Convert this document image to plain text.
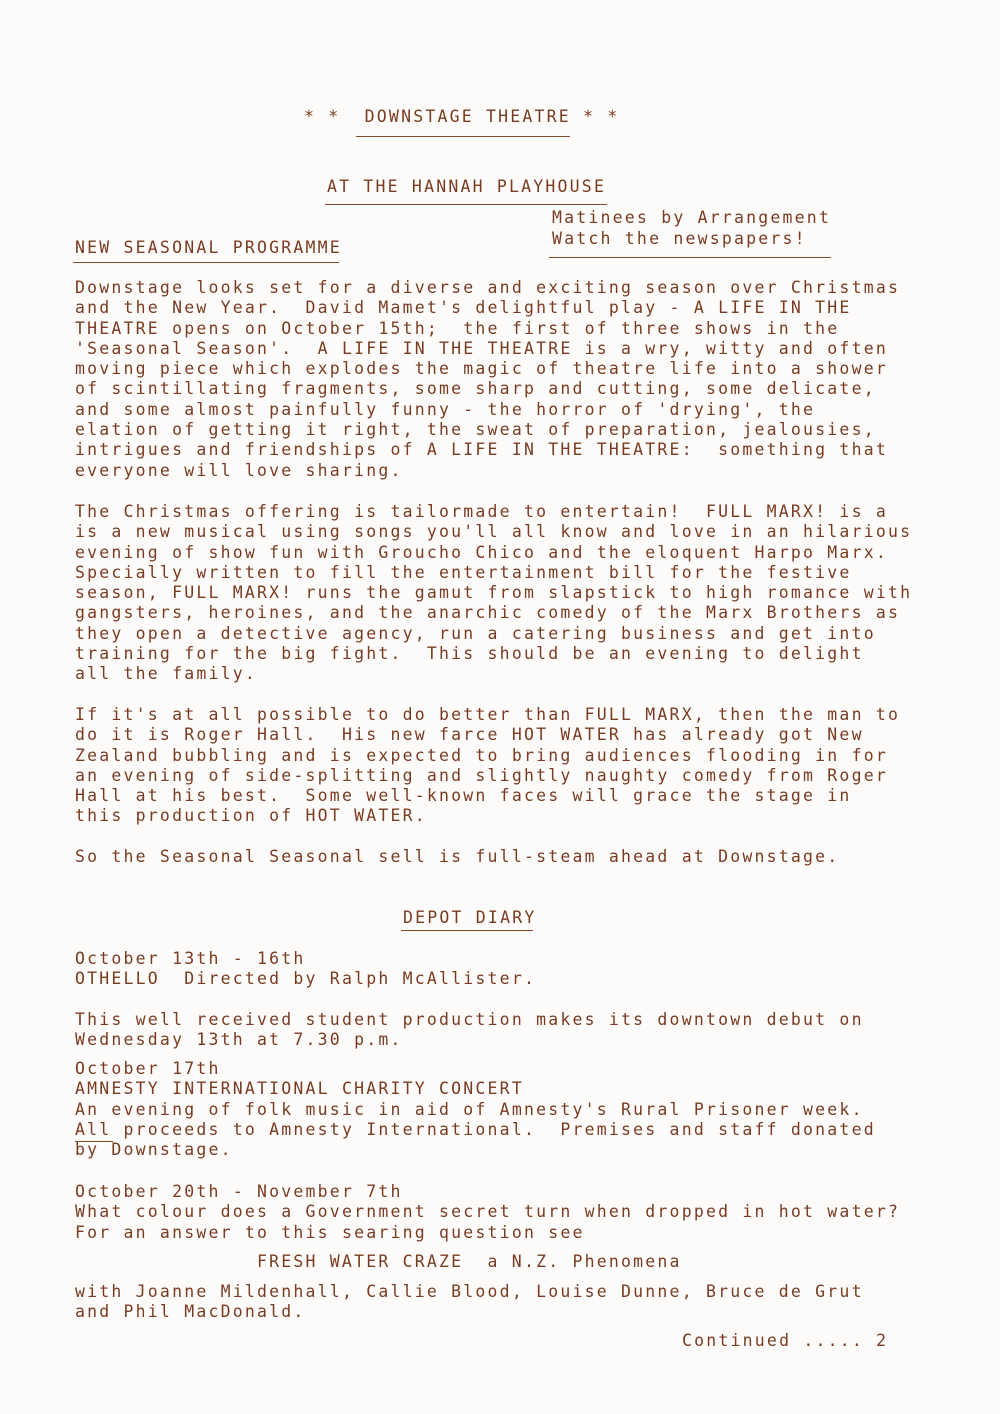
* *  DOWNSTAGE THEATRE * *
AT THE HANNAH PLAYHOUSE
Matinees by Arrangement
Watch the newspapers!
NEW SEASONAL PROGRAMME
Downstage looks set for a diverse and exciting season over Christmas
and the New Year.  David Mamet's delightful play - A LIFE IN THE
THEATRE opens on October 15th;  the first of three shows in the
'Seasonal Season'.  A LIFE IN THE THEATRE is a wry, witty and often
moving piece which explodes the magic of theatre life into a shower
of scintillating fragments, some sharp and cutting, some delicate,
and some almost painfully funny - the horror of 'drying', the
elation of getting it right, the sweat of preparation, jealousies,
intrigues and friendships of A LIFE IN THE THEATRE:  something that
everyone will love sharing.
The Christmas offering is tailormade to entertain!  FULL MARX! is a
is a new musical using songs you'll all know and love in an hilarious
evening of show fun with Groucho Chico and the eloquent Harpo Marx.
Specially written to fill the entertainment bill for the festive
season, FULL MARX! runs the gamut from slapstick to high romance with
gangsters, heroines, and the anarchic comedy of the Marx Brothers as
they open a detective agency, run a catering business and get into
training for the big fight.  This should be an evening to delight
all the family.
If it's at all possible to do better than FULL MARX, then the man to
do it is Roger Hall.  His new farce HOT WATER has already got New
Zealand bubbling and is expected to bring audiences flooding in for
an evening of side-splitting and slightly naughty comedy from Roger
Hall at his best.  Some well-known faces will grace the stage in
this production of HOT WATER.
So the Seasonal Seasonal sell is full-steam ahead at Downstage.
DEPOT DIARY
October 13th - 16th
OTHELLO  Directed by Ralph McAllister.

This well received student production makes its downtown debut on
Wednesday 13th at 7.30 p.m.
October 17th
AMNESTY INTERNATIONAL CHARITY CONCERT
An evening of folk music in aid of Amnesty's Rural Prisoner week.
All proceeds to Amnesty International.  Premises and staff donated
by Downstage.
October 20th - November 7th
What colour does a Government secret turn when dropped in hot water?
For an answer to this searing question see
FRESH WATER CRAZE  a N.Z. Phenomena
with Joanne Mildenhall, Callie Blood, Louise Dunne, Bruce de Grut
and Phil MacDonald.
Continued ..... 2
